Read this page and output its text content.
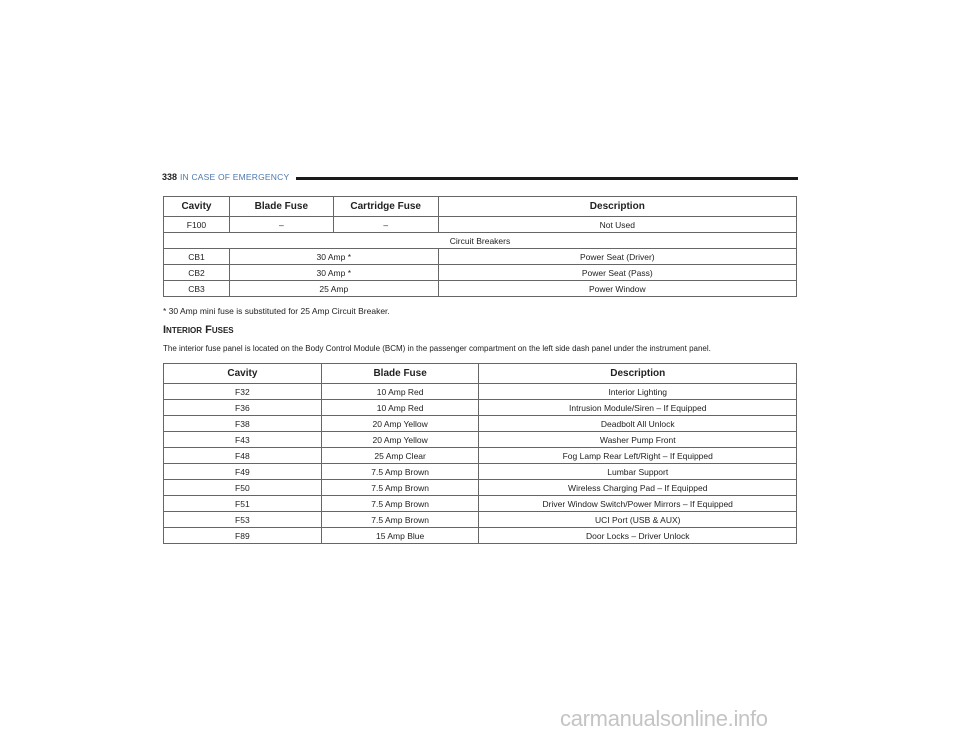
338 IN CASE OF EMERGENCY
Cavity	Blade Fuse	Cartridge Fuse	Description
F100	–	–	Not Used
Circuit Breakers			
CB1	30 Amp *		Power Seat (Driver)
CB2	30 Amp *		Power Seat (Pass)
CB3	25 Amp		Power Window
* 30 Amp mini fuse is substituted for 25 Amp Circuit Breaker.
Interior Fuses
The interior fuse panel is located on the Body Control Module (BCM) in the passenger compartment on the left side dash panel under the instrument panel.
Cavity	Blade Fuse	Description
F32	10 Amp Red	Interior Lighting
F36	10 Amp Red	Intrusion Module/Siren – If Equipped
F38	20 Amp Yellow	Deadbolt All Unlock
F43	20 Amp Yellow	Washer Pump Front
F48	25 Amp Clear	Fog Lamp Rear Left/Right – If Equipped
F49	7.5 Amp Brown	Lumbar Support
F50	7.5 Amp Brown	Wireless Charging Pad – If Equipped
F51	7.5 Amp Brown	Driver Window Switch/Power Mirrors – If Equipped
F53	7.5 Amp Brown	UCI Port (USB & AUX)
F89	15 Amp Blue	Door Locks – Driver Unlock
carmanualsonline.info
